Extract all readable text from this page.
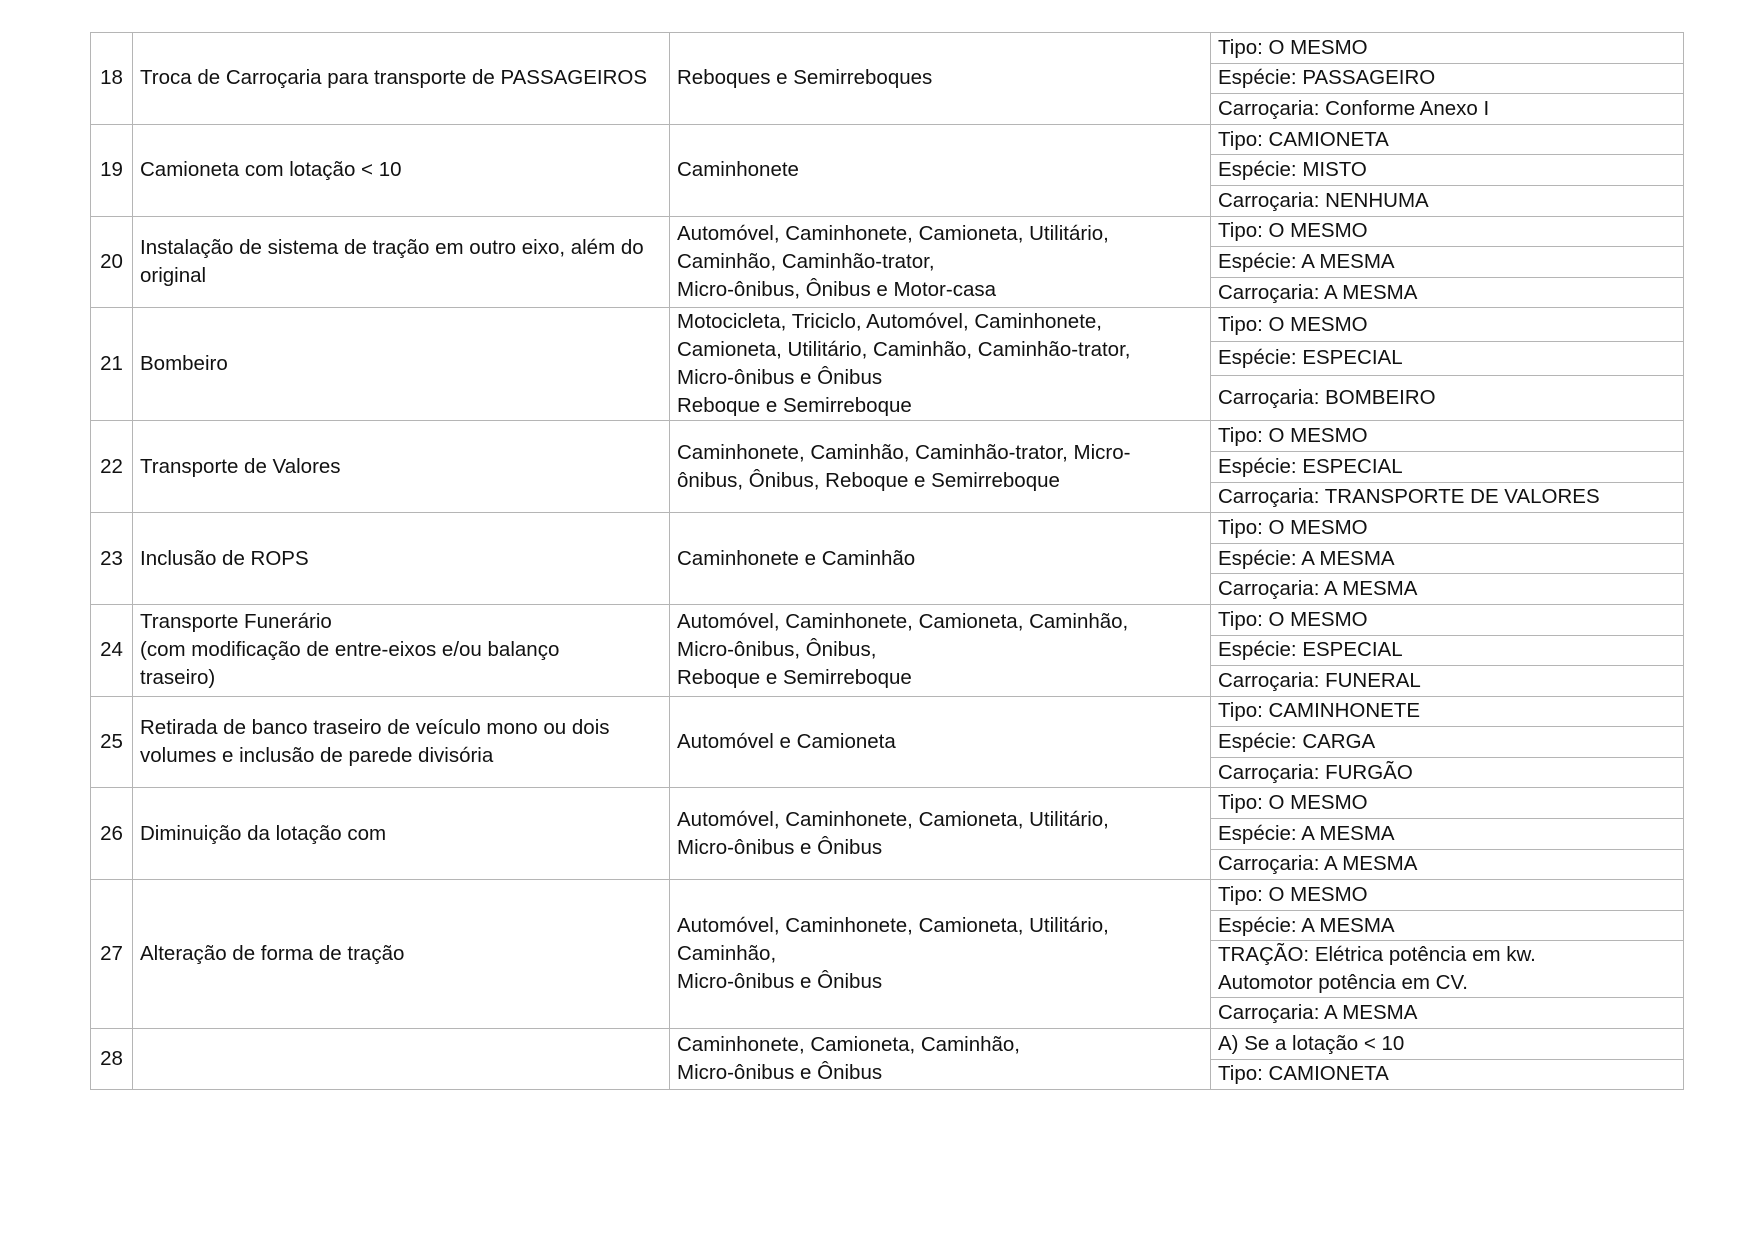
18	Troca de Carroçaria para transporte de PASSAGEIROS	Reboques e Semirreboques	Tipo: O MESMO
			Espécie: PASSAGEIRO
			Carroçaria: Conforme Anexo I
19	Camioneta com lotação < 10	Caminhonete	Tipo: CAMIONETA
			Espécie: MISTO
			Carroçaria: NENHUMA
20	Instalação de sistema de tração em outro eixo, além do
original	Automóvel, Caminhonete, Camioneta, Utilitário,
Caminhão, Caminhão-trator,
Micro-ônibus, Ônibus e Motor-casa	Tipo: O MESMO
			Espécie: A MESMA
			Carroçaria: A MESMA
21	Bombeiro	Motocicleta, Triciclo, Automóvel, Caminhonete,
Camioneta, Utilitário, Caminhão, Caminhão-trator,
Micro-ônibus e Ônibus
Reboque e Semirreboque	Tipo: O MESMO
			Espécie: ESPECIAL
			Carroçaria: BOMBEIRO
22	Transporte de Valores	Caminhonete, Caminhão, Caminhão-trator, Micro-
ônibus, Ônibus, Reboque e Semirreboque	Tipo: O MESMO
			Espécie: ESPECIAL
			Carroçaria: TRANSPORTE DE VALORES
23	Inclusão de ROPS	Caminhonete e Caminhão	Tipo: O MESMO
			Espécie: A MESMA
			Carroçaria: A MESMA
24	Transporte Funerário
(com modificação de entre-eixos e/ou balanço
traseiro)	Automóvel, Caminhonete, Camioneta, Caminhão,
Micro-ônibus, Ônibus,
Reboque e Semirreboque	Tipo: O MESMO
			Espécie: ESPECIAL
			Carroçaria: FUNERAL
25	Retirada de banco traseiro de veículo mono ou dois
volumes e inclusão de parede divisória	Automóvel e Camioneta	Tipo: CAMINHONETE
			Espécie: CARGA
			Carroçaria: FURGÃO
26	Diminuição da lotação com	Automóvel, Caminhonete, Camioneta, Utilitário,
Micro-ônibus e Ônibus	Tipo: O MESMO
			Espécie: A MESMA
			Carroçaria: A MESMA
27	Alteração de forma de tração	Automóvel, Caminhonete, Camioneta, Utilitário,
Caminhão,
Micro-ônibus e Ônibus	Tipo: O MESMO
			Espécie: A MESMA
			TRAÇÃO: Elétrica potência em kw.
Automotor potência em CV.
			Carroçaria: A MESMA
28		Caminhonete, Camioneta, Caminhão,
Micro-ônibus e Ônibus	A) Se a lotação < 10
			Tipo: CAMIONETA
